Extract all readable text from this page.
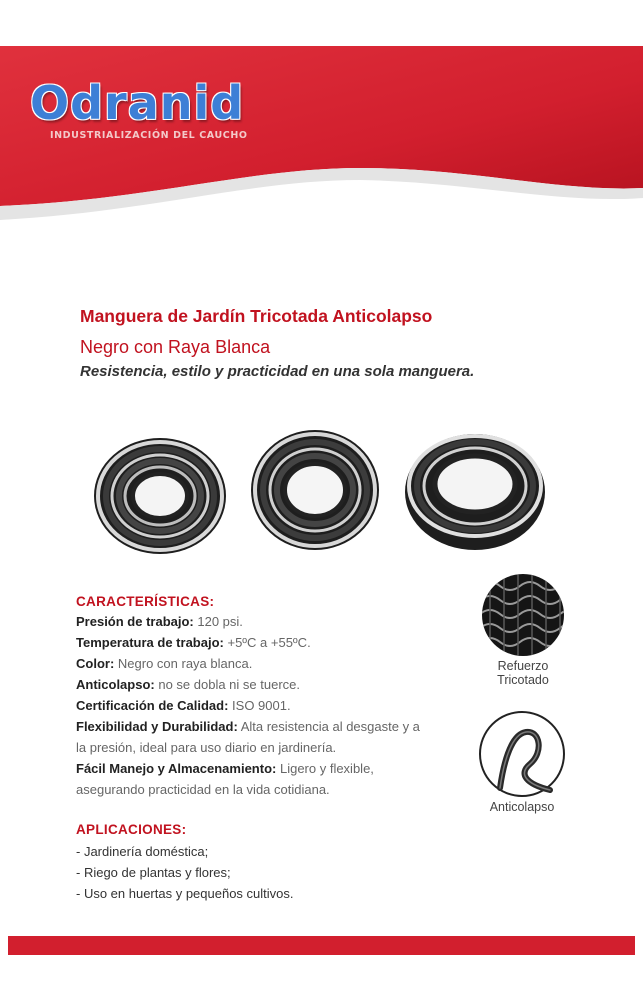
Odranid
INDUSTRIALIZACIÓN DEL CAUCHO
Manguera de Jardín Tricotada Anticolapso
Negro con Raya Blanca
Resistencia, estilo y practicidad en una sola manguera.
CARACTERÍSTICAS:
Presión de trabajo: 120 psi.
Temperatura de trabajo: +5ºC a +55ºC.
Color: Negro con raya blanca.
Anticolapso: no se dobla ni se tuerce.
Certificación de Calidad: ISO 9001.
Flexibilidad y Durabilidad: Alta resistencia al desgaste y a
la presión, ideal para uso diario en jardinería.
Fácil Manejo y Almacenamiento: Ligero y flexible,
asegurando practicidad en la vida cotidiana.
Refuerzo
Tricotado
Anticolapso
APLICACIONES:
- Jardinería doméstica;
- Riego de plantas y flores;
- Uso en huertas y pequeños cultivos.
